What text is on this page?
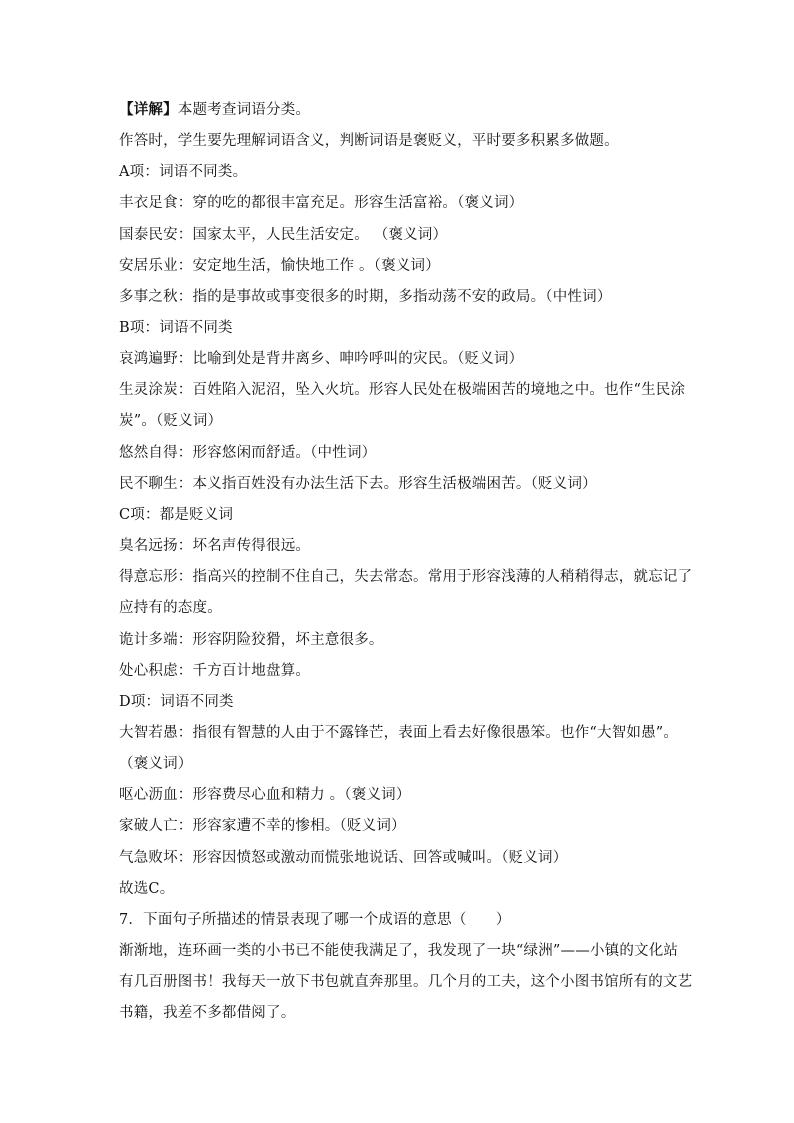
【详解】本题考查词语分类。
作答时，学生要先理解词语含义，判断词语是褒贬义，平时要多积累多做题。
A项：词语不同类。
丰衣足食：穿的吃的都很丰富充足。形容生活富裕。（褒义词）
国泰民安：国家太平，人民生活安定。 （褒义词）
安居乐业：安定地生活，愉快地工作 。（褒义词）
多事之秋：指的是事故或事变很多的时期，多指动荡不安的政局。（中性词）
B项：词语不同类
哀鸿遍野：比喻到处是背井离乡、呻吟呼叫的灾民。（贬义词）
生灵涂炭：百姓陷入泥沼，坠入火坑。形容人民处在极端困苦的境地之中。也作“生民涂
炭”。（贬义词）
悠然自得：形容悠闲而舒适。（中性词）
民不聊生：本义指百姓没有办法生活下去。形容生活极端困苦。（贬义词）
C项：都是贬义词
臭名远扬：坏名声传得很远。
得意忘形：指高兴的控制不住自己，失去常态。常用于形容浅薄的人稍稍得志，就忘记了
应持有的态度。
诡计多端：形容阴险狡猾，坏主意很多。
处心积虑：千方百计地盘算。
D项：词语不同类
大智若愚：指很有智慧的人由于不露锋芒，表面上看去好像很愚笨。也作“大智如愚”。
（褒义词）
呕心沥血：形容费尽心血和精力 。（褒义词）
家破人亡：形容家遭不幸的惨相。（贬义词）
气急败坏：形容因愤怒或激动而慌张地说话、回答或喊叫。（贬义词）
故选C。
7．下面句子所描述的情景表现了哪一个成语的意思（　　）
渐渐地，连环画一类的小书已不能使我满足了，我发现了一块“绿洲”——小镇的文化站
有几百册图书！我每天一放下书包就直奔那里。几个月的工夫，这个小图书馆所有的文艺
书籍，我差不多都借阅了。
